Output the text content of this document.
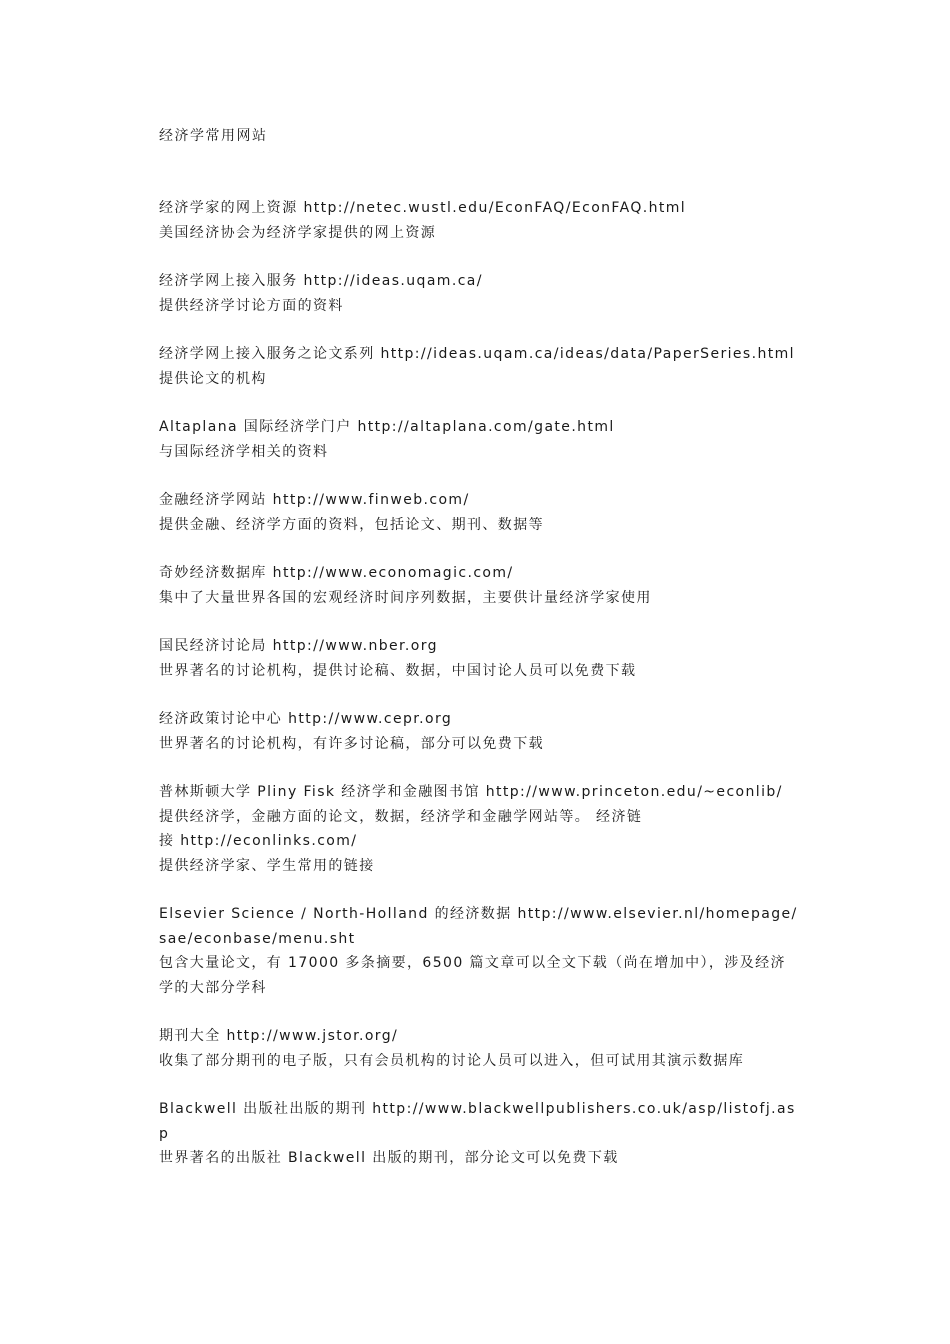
经济学常用网站
经济学家的网上资源 http://netec.wustl.edu/EconFAQ/EconFAQ.html
美国经济协会为经济学家提供的网上资源
经济学网上接入服务 http://ideas.uqam.ca/
提供经济学讨论方面的资料
经济学网上接入服务之论文系列 http://ideas.uqam.ca/ideas/data/PaperSeries.html
提供论文的机构
Altaplana 国际经济学门户 http://altaplana.com/gate.html
与国际经济学相关的资料
金融经济学网站 http://www.finweb.com/
提供金融、经济学方面的资料，包括论文、期刊、数据等
奇妙经济数据库 http://www.economagic.com/
集中了大量世界各国的宏观经济时间序列数据，主要供计量经济学家使用
国民经济讨论局 http://www.nber.org
世界著名的讨论机构，提供讨论稿、数据，中国讨论人员可以免费下载
经济政策讨论中心 http://www.cepr.org
世界著名的讨论机构，有许多讨论稿，部分可以免费下载
普林斯顿大学 Pliny Fisk 经济学和金融图书馆 http://www.princeton.edu/~econlib/
提供经济学，金融方面的论文，数据，经济学和金融学网站等。 经济链
接 http://econlinks.com/
提供经济学家、学生常用的链接
Elsevier Science / North-Holland 的经济数据 http://www.elsevier.nl/homepage/sae/econbase/menu.sht
包含大量论文，有 17000 多条摘要，6500 篇文章可以全文下载（尚在增加中），涉及经济学的大部分学科
期刊大全 http://www.jstor.org/
收集了部分期刊的电子版，只有会员机构的讨论人员可以进入，但可试用其演示数据库
Blackwell 出版社出版的期刊 http://www.blackwellpublishers.co.uk/asp/listofj.asp
世界著名的出版社 Blackwell 出版的期刊，部分论文可以免费下载
